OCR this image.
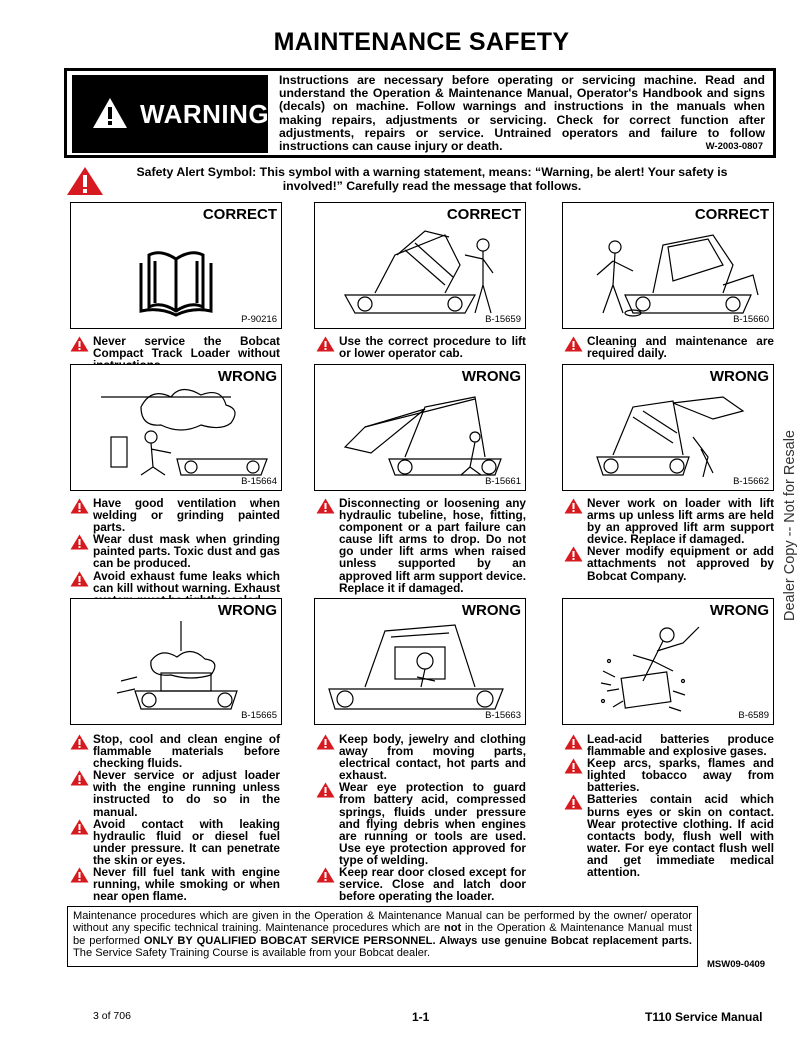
MAINTENANCE SAFETY
WARNING
Instructions are necessary before operating or servicing machine. Read and understand the Operation & Maintenance Manual, Operator's Handbook and signs (decals) on machine. Follow warnings and instructions in the manuals when making repairs, adjustments or servicing. Check for correct function after adjustments, repairs or service. Untrained operators and failure to follow instructions can cause injury or death.	W-2003-0807
Safety Alert Symbol: This symbol with a warning statement, means: “Warning, be alert! Your safety is involved!” Carefully read the message that follows.
CORRECT
P-90216
CORRECT
B-15659
CORRECT
B-15660
Never service the Bobcat Compact Track Loader without
Use the correct procedure to lift or lower operator cab.
Cleaning and maintenance are required daily.
WRONG
B-15664
WRONG
B-15661
WRONG
B-15662
Have good ventilation when welding or grinding painted parts.
Wear dust mask when grinding painted parts. Toxic dust and gas can be produced.
Avoid exhaust fume leaks which can kill without warning. Exhaust
Disconnecting or loosening any hydraulic tubeline, hose, fitting, component or a part failure can cause lift arms to drop. Do not go under lift arms when raised unless supported by an approved lift arm support device. Replace it if damaged.
Never work on loader with lift arms up unless lift arms are held by an approved lift arm support device. Replace if damaged.
Never modify equipment or add attachments not approved by Bobcat Company.
WRONG
B-15665
WRONG
B-15663
WRONG
B-6589
Stop, cool and clean engine of flammable materials before checking fluids.
Never service or adjust loader with the engine running unless instructed to do so in the manual.
Avoid contact with leaking hydraulic fluid or diesel fuel under pressure. It can penetrate the skin or eyes.
Never fill fuel tank with engine running, while smoking or when near open flame.
Keep body, jewelry and clothing away from moving parts, electrical contact, hot parts and exhaust.
Wear eye protection to guard from battery acid, compressed springs, fluids under pressure and flying debris when engines are running or tools are used. Use eye protection approved for type of welding.
Keep rear door closed except for service. Close and latch door before operating the loader.
Lead-acid batteries produce flammable and explosive gases.
Keep arcs, sparks, flames and lighted tobacco away from batteries.
Batteries contain acid which burns eyes or skin on contact. Wear protective clothing. If acid contacts body, flush well with water. For eye contact flush well and get immediate medical attention.
Maintenance procedures which are given in the Operation & Maintenance Manual can be performed by the owner/ operator without any specific technical training. Maintenance procedures which are not in the Operation & Maintenance Manual must be performed ONLY BY QUALIFIED BOBCAT SERVICE PERSONNEL. Always use genuine Bobcat replacement parts. The Service Safety Training Course is available from your Bobcat dealer.
MSW09-0409
Dealer Copy -- Not for Resale
3 of 706	1-1	T110 Service Manual
